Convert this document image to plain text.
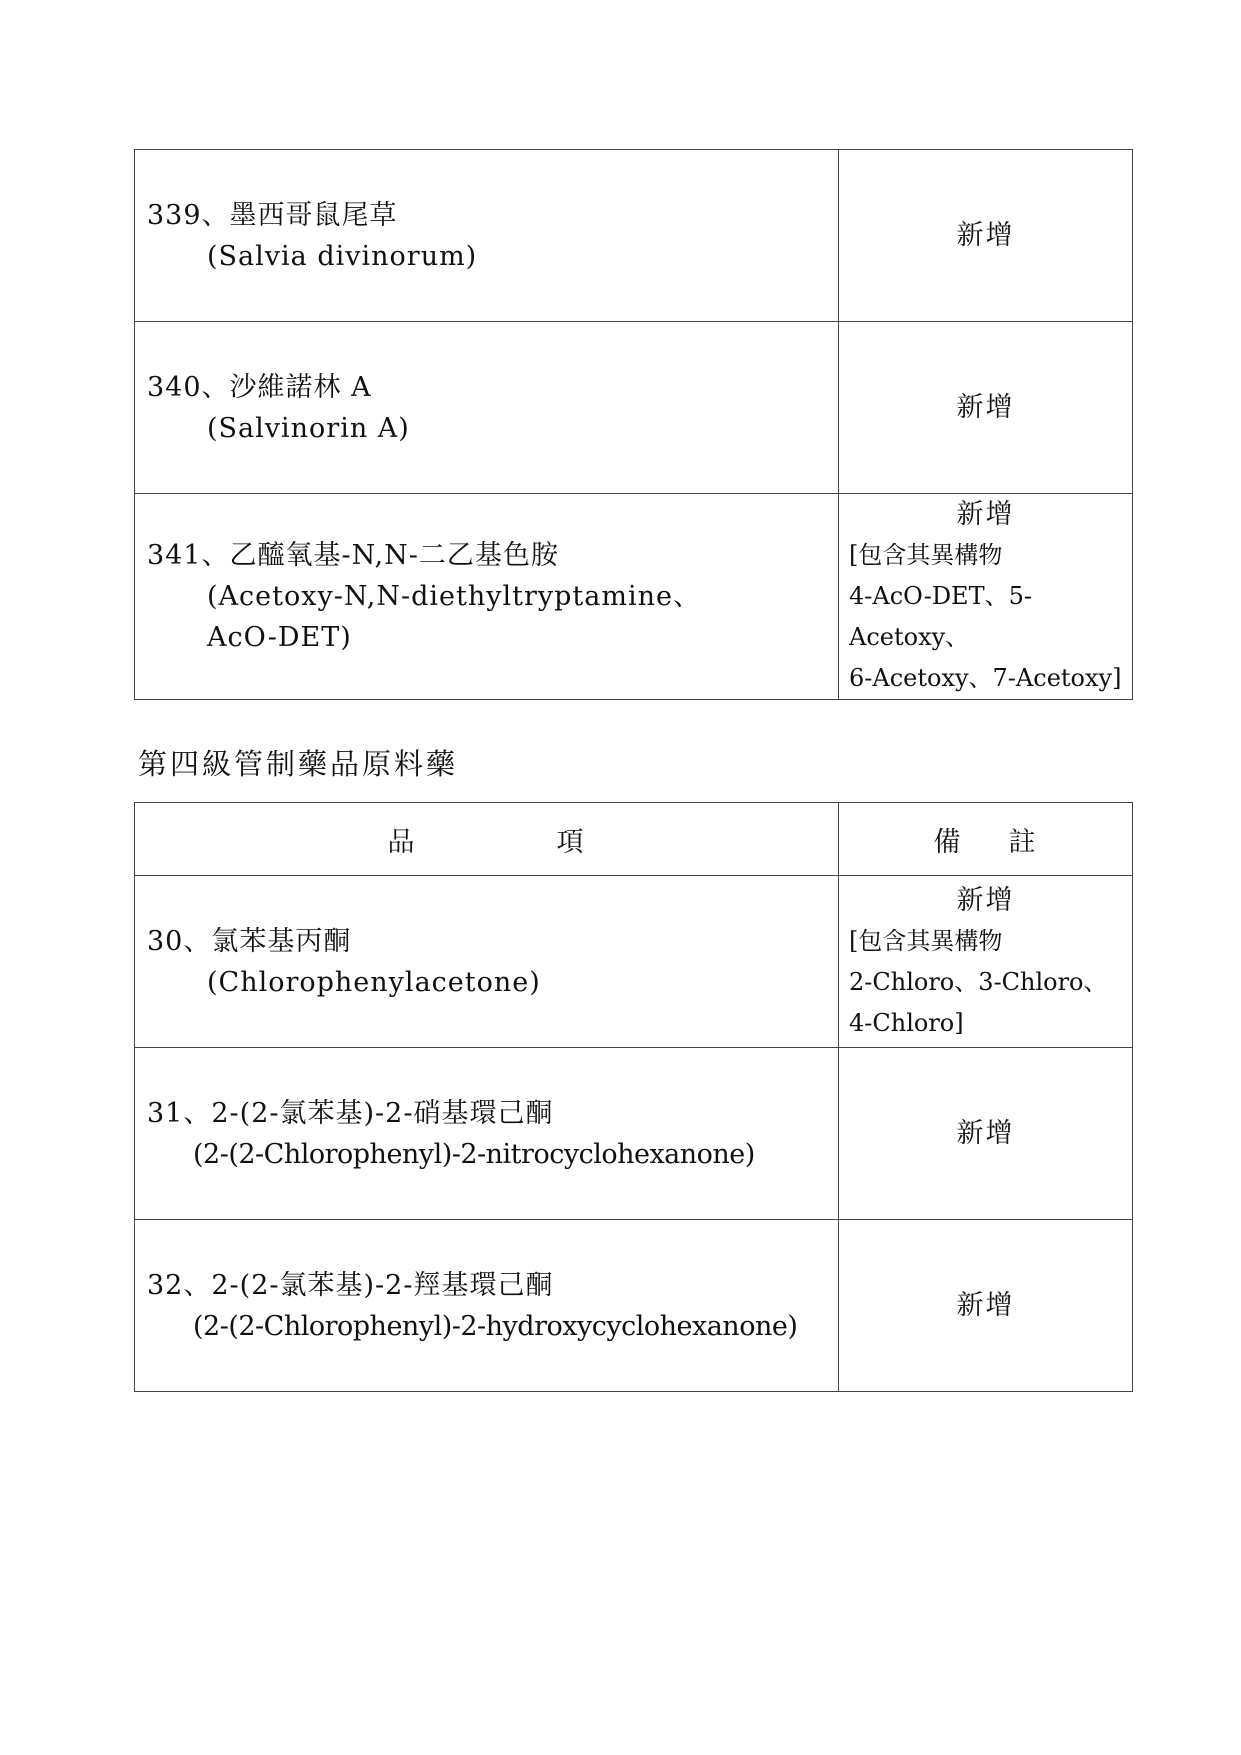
339、墨西哥鼠尾草
(Salvia divinorum)	新增

340、沙維諾林 A
(Salvinorin A)	新增

341、乙醯氧基-N,N-二乙基色胺
(Acetoxy-N,N-diethyltryptamine、
AcO-DET)	新增
[包含其異構物
4-AcO-DET、5-Acetoxy、
6-Acetoxy、7-Acetoxy]
第四級管制藥品原料藥
品 項	備 註

30、氯苯基丙酮
(Chlorophenylacetone)	新增
[包含其異構物
2-Chloro、3-Chloro、
4-Chloro]

31、2-(2-氯苯基)-2-硝基環己酮
(2-(2-Chlorophenyl)-2-nitrocyclohexanone)	新增

32、2-(2-氯苯基)-2-羥基環己酮
(2-(2-Chlorophenyl)-2-hydroxycyclohexanone)	新增
